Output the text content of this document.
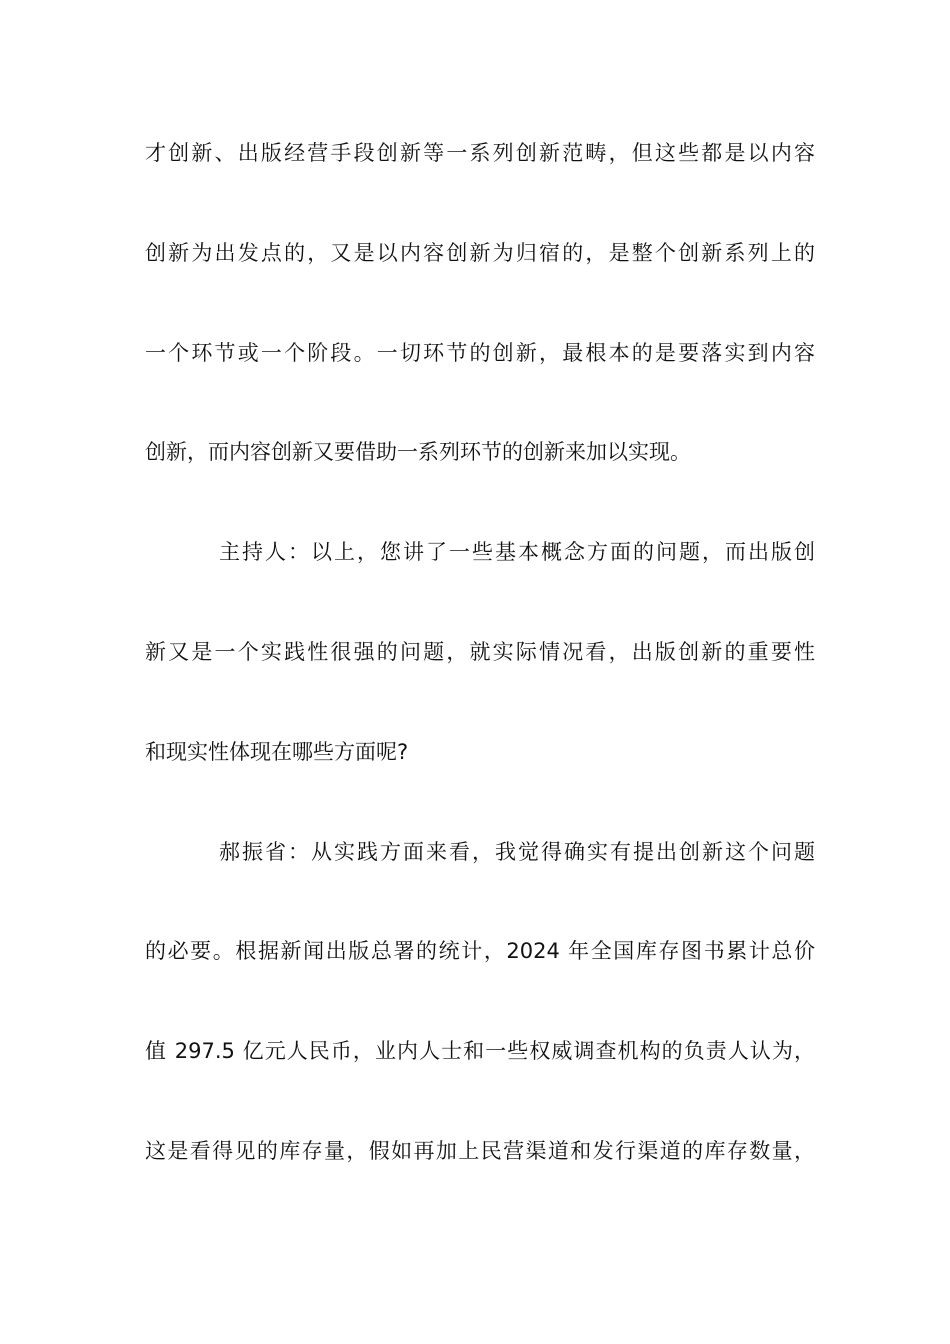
才创新、出版经营手段创新等一系列创新范畴，但这些都是以内容
创新为出发点的，又是以内容创新为归宿的，是整个创新系列上的
一个环节或一个阶段。一切环节的创新，最根本的是要落实到内容
创新，而内容创新又要借助一系列环节的创新来加以实现。
主持人：以上，您讲了一些基本概念方面的问题，而出版创
新又是一个实践性很强的问题，就实际情况看，出版创新的重要性
和现实性体现在哪些方面呢?
郝振省：从实践方面来看，我觉得确实有提出创新这个问题
的必要。根据新闻出版总署的统计，2024 年全国库存图书累计总价
值 297.5 亿元人民币，业内人士和一些权威调查机构的负责人认为，
这是看得见的库存量，假如再加上民营渠道和发行渠道的库存数量，
